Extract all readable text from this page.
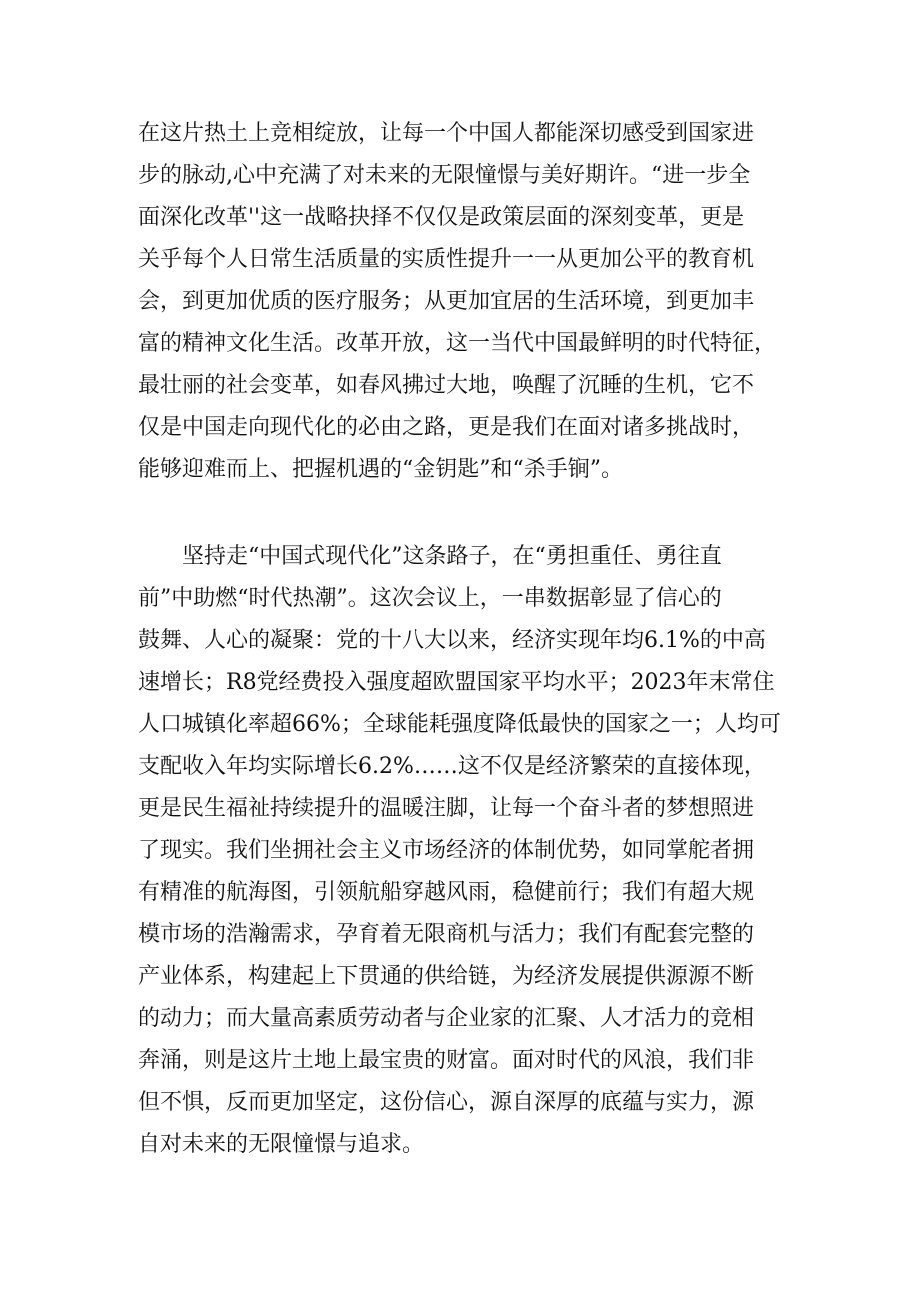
在这片热土上竞相绽放，让每一个中国人都能深切感受到国家进
步的脉动,心中充满了对未来的无限憧憬与美好期许。“进一步全
面深化改革''这一战略抉择不仅仅是政策层面的深刻变革，更是
关乎每个人日常生活质量的实质性提升一一从更加公平的教育机
会，到更加优质的医疗服务；从更加宜居的生活环境，到更加丰
富的精神文化生活。改革开放，这一当代中国最鲜明的时代特征，
最壮丽的社会变革，如春风拂过大地，唤醒了沉睡的生机，它不
仅是中国走向现代化的必由之路，更是我们在面对诸多挑战时，
能够迎难而上、把握机遇的“金钥匙”和“杀手锏”。
坚持走“中国式现代化”这条路子，在“勇担重任、勇往直
前”中助燃“时代热潮”。这次会议上，一串数据彰显了信心的
鼓舞、人心的凝聚：党的十八大以来，经济实现年均6.1%的中高
速增长；R8党经费投入强度超欧盟国家平均水平；2023年末常住
人口城镇化率超66%；全球能耗强度降低最快的国家之一；人均可
支配收入年均实际增长6.2%……这不仅是经济繁荣的直接体现，
更是民生福祉持续提升的温暖注脚，让每一个奋斗者的梦想照进
了现实。我们坐拥社会主义市场经济的体制优势，如同掌舵者拥
有精准的航海图，引领航船穿越风雨，稳健前行；我们有超大规
模市场的浩瀚需求，孕育着无限商机与活力；我们有配套完整的
产业体系，构建起上下贯通的供给链，为经济发展提供源源不断
的动力；而大量高素质劳动者与企业家的汇聚、人才活力的竞相
奔涌，则是这片土地上最宝贵的财富。面对时代的风浪，我们非
但不惧，反而更加坚定，这份信心，源自深厚的底蕴与实力，源
自对未来的无限憧憬与追求。
